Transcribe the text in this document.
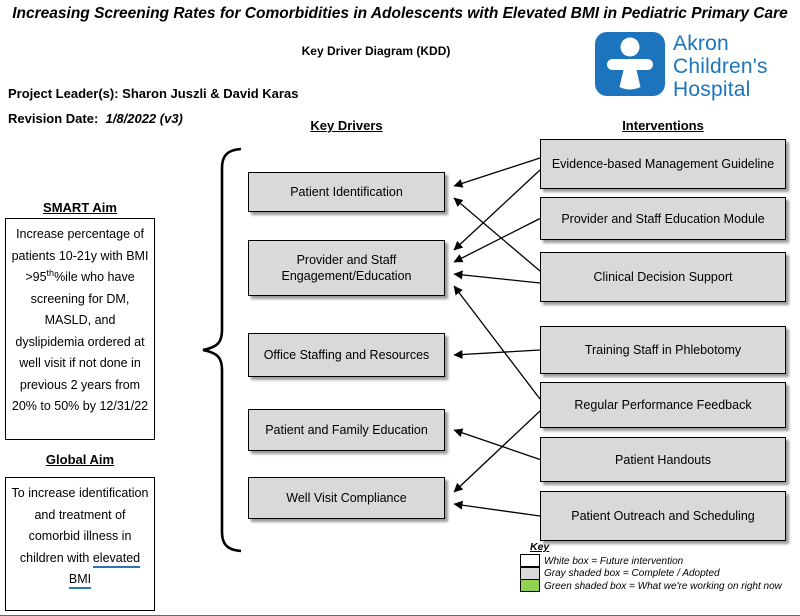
Increasing Screening Rates for Comorbidities in Adolescents with Elevated BMI in Pediatric Primary Care
Key Driver Diagram (KDD)	Akron
Children's
Hospital
Project Leader(s): Sharon Juszli & David Karas
Revision Date: 1/8/2022 (v3)	Key Drivers	Interventions
SMART Aim
Increase percentage of patients 10-21y with BMI >95th%ile who have screening for DM, MASLD, and dyslipidemia ordered at well visit if not done in previous 2 years from 20% to 50% by 12/31/22
Global Aim
To increase identification and treatment of comorbid illness in children with elevated BMI
Patient Identification
Provider and Staff Engagement/Education
Office Staffing and Resources
Patient and Family Education
Well Visit Compliance
Evidence-based Management Guideline
Provider and Staff Education Module
Clinical Decision Support
Training Staff in Phlebotomy
Regular Performance Feedback
Patient Handouts
Patient Outreach and Scheduling
Key
White box = Future intervention
Gray shaded box = Complete / Adopted
Green shaded box = What we're working on right now
